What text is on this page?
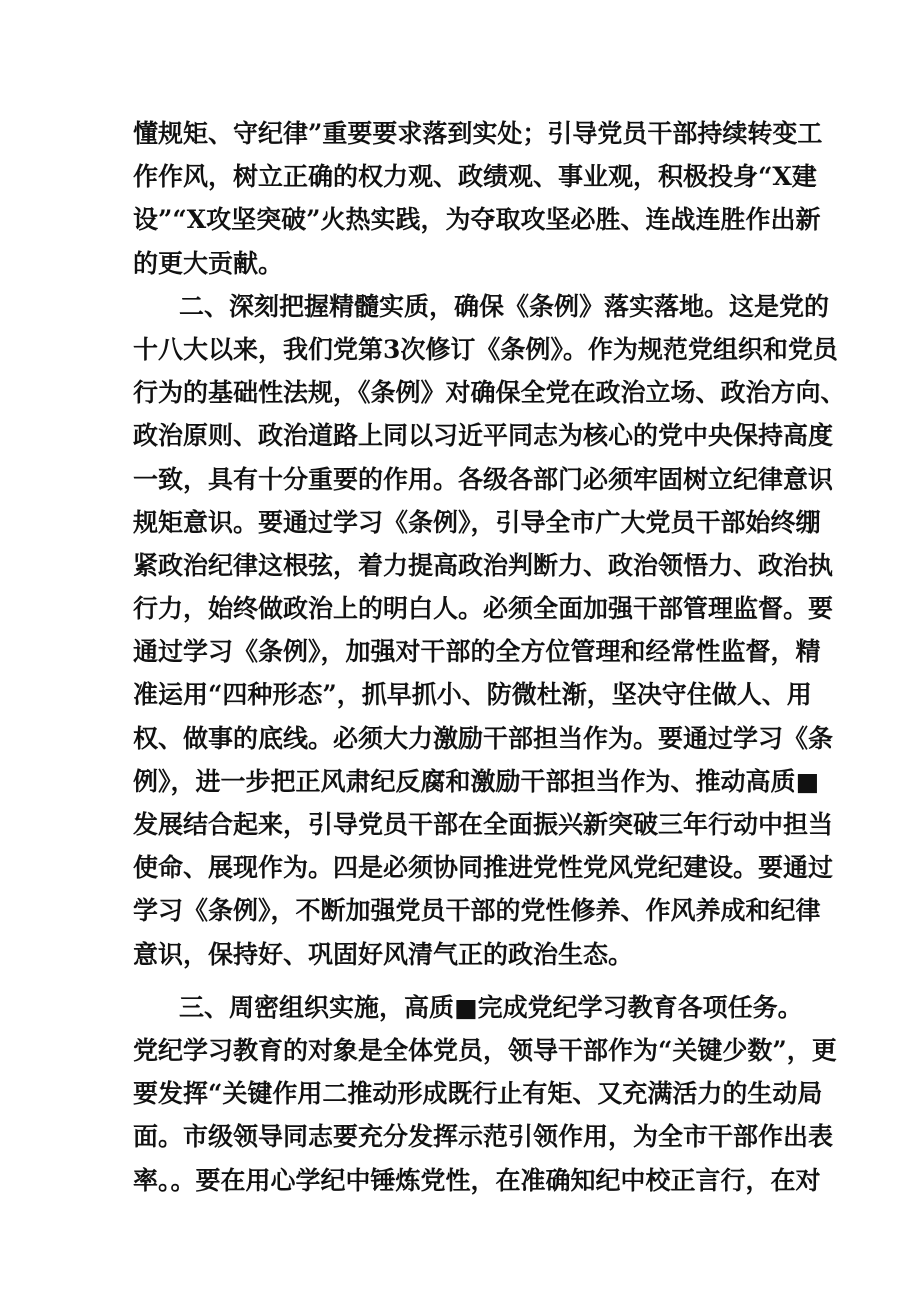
懂规矩、守纪律”重要要求落到实处；引导党员干部持续转变工
作作风，树立正确的权力观、政绩观、事业观，积极投身“X建
设”“X攻坚突破”火热实践，为夺取攻坚必胜、连战连胜作出新
的更大贡献。
二、深刻把握精髓实质，确保《条例》落实落地。这是党的
十八大以来，我们党第3次修订《条例》。作为规范党组织和党员
行为的基础性法规，《条例》对确保全党在政治立场、政治方向、
政治原则、政治道路上同以习近平同志为核心的党中央保持高度
一致，具有十分重要的作用。各级各部门必须牢固树立纪律意识
规矩意识。要通过学习《条例》，引导全市广大党员干部始终绷
紧政治纪律这根弦，着力提高政治判断力、政治领悟力、政治执
行力，始终做政治上的明白人。必须全面加强干部管理监督。要
通过学习《条例》，加强对干部的全方位管理和经常性监督，精
准运用“四种形态”，抓早抓小、防微杜渐，坚决守住做人、用
权、做事的底线。必须大力激励干部担当作为。要通过学习《条
例》，进一步把正风肃纪反腐和激励干部担当作为、推动高质■
发展结合起来，引导党员干部在全面振兴新突破三年行动中担当
使命、展现作为。四是必须协同推进党性党风党纪建设。要通过
学习《条例》，不断加强党员干部的党性修养、作风养成和纪律
意识，保持好、巩固好风清气正的政治生态。
三、周密组织实施，高质■完成党纪学习教育各项任务。
党纪学习教育的对象是全体党员，领导干部作为“关键少数”，更
要发挥“关键作用二推动形成既行止有矩、又充满活力的生动局
面。市级领导同志要充分发挥示范引领作用，为全市干部作出表
率。。要在用心学纪中锤炼党性，在准确知纪中校正言行，在对
